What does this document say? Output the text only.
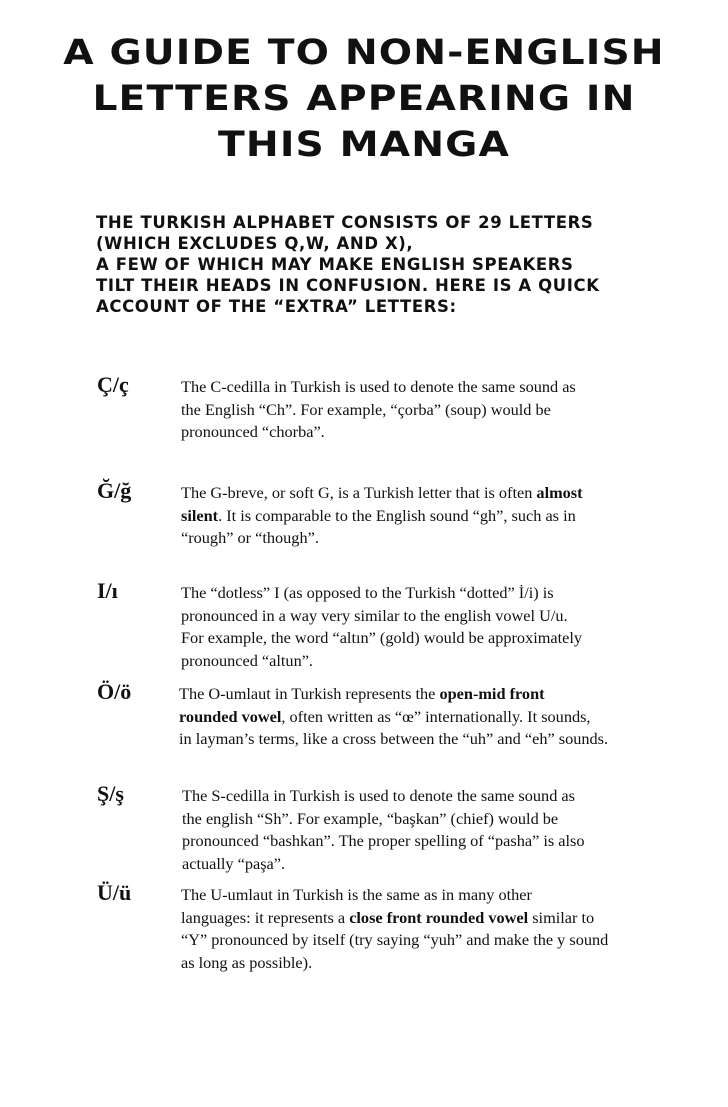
A GUIDE TO NON-ENGLISH
LETTERS APPEARING IN
THIS MANGA
THE TURKISH ALPHABET CONSISTS OF 29 LETTERS
(WHICH EXCLUDES Q,W, AND X),
A FEW OF WHICH MAY MAKE ENGLISH SPEAKERS
TILT THEIR HEADS IN CONFUSION. HERE IS A QUICK
ACCOUNT OF THE “EXTRA” LETTERS:
Ç/ç	The C-cedilla in Turkish is used to denote the same sound as
the English “Ch”. For example, “çorba” (soup) would be
pronounced “chorba”.
Ğ/ğ	The G-breve, or soft G, is a Turkish letter that is often almost
silent. It is comparable to the English sound “gh”, such as in
“rough” or “though”.
I/ı	The “dotless” I (as opposed to the Turkish “dotted” İ/i) is
pronounced in a way very similar to the english vowel U/u.
For example, the word “altın” (gold) would be approximately
pronounced “altun”.
Ö/ö	The O-umlaut in Turkish represents the open-mid front
rounded vowel, often written as “œ” internationally. It sounds,
in layman’s terms, like a cross between the “uh” and “eh” sounds.
Ş/ş	The S-cedilla in Turkish is used to denote the same sound as
the english “Sh”. For example, “başkan” (chief) would be
pronounced “bashkan”. The proper spelling of “pasha” is also
actually “paşa”.
Ü/ü	The U-umlaut in Turkish is the same as in many other
languages: it represents a close front rounded vowel similar to
“Y” pronounced by itself (try saying “yuh” and make the y sound
as long as possible).
